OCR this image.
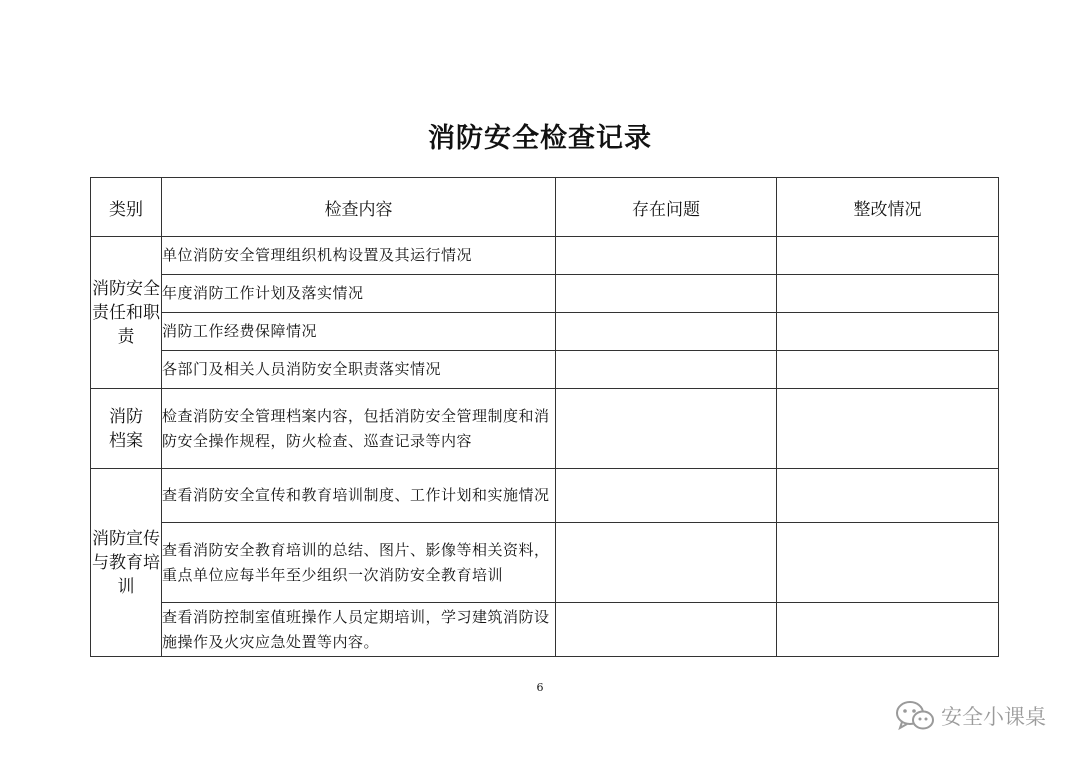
消防安全检查记录
类别	检查内容	存在问题	整改情况
消防安全责任和职责	单位消防安全管理组织机构设置及其运行情况		
	年度消防工作计划及落实情况		
	消防工作经费保障情况		
	各部门及相关人员消防安全职责落实情况		
消防档案	检查消防安全管理档案内容，包括消防安全管理制度和消防安全操作规程，防火检查、巡查记录等内容		
消防宣传与教育培训	查看消防安全宣传和教育培训制度、工作计划和实施情况		
	查看消防安全教育培训的总结、图片、影像等相关资料，重点单位应每半年至少组织一次消防安全教育培训		
	查看消防控制室值班操作人员定期培训，学习建筑消防设施操作及火灾应急处置等内容。		
6
安全小课桌
